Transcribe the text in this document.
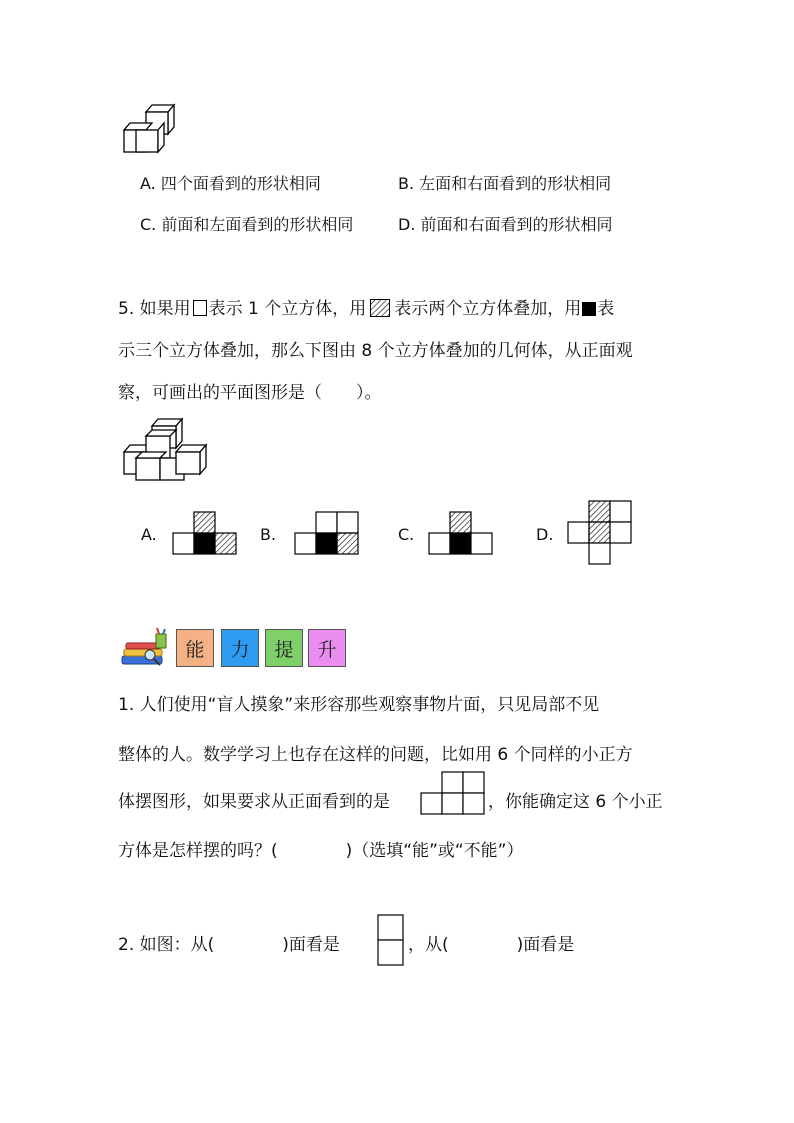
A. 四个面看到的形状相同	B. 左面和右面看到的形状相同
C. 前面和左面看到的形状相同	D. 前面和右面看到的形状相同
5. 如果用 表示 1 个立方体，用 表示两个立方体叠加，用 表
示三个立方体叠加，那么下图由 8 个立方体叠加的几何体，从正面观
察，可画出的平面图形是（　　）。
A.	B.	C.	D.
能	力	提	升
1. 人们使用“盲人摸象”来形容那些观察事物片面，只见局部不见
整体的人。数学学习上也存在这样的问题，比如用 6 个同样的小正方
体摆图形，如果要求从正面看到的是	，你能确定这 6 个小正
方体是怎样摆的吗？(　　　　)（选填“能”或“不能”）
2. 如图：从(　　　　)面看是	，从(　　　　)面看是
